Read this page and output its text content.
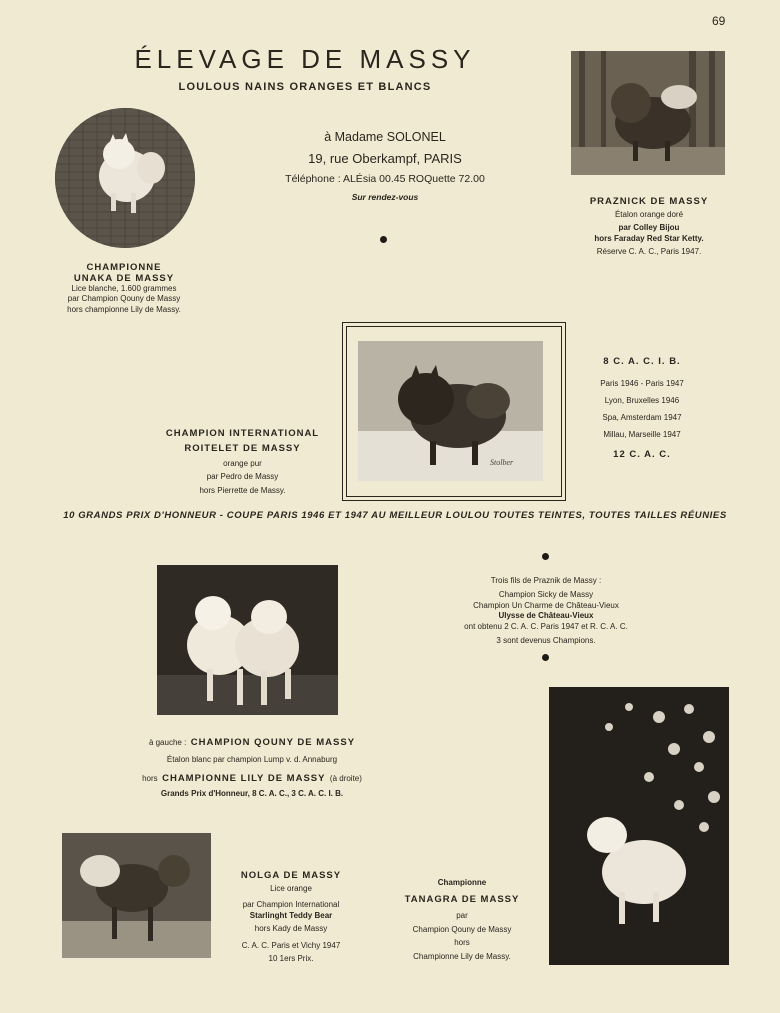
69
ÉLEVAGE DE MASSY
LOULOUS NAINS ORANGES ET BLANCS
à Madame SOLONEL
19, rue Oberkampf, PARIS
Téléphone : ALÉsia 00.45 ROQuette 72.00
Sur rendez-vous
CHAMPIONNE
UNAKA DE MASSY
Lice blanche, 1.600 grammes
par Champion Qouny de Massy
hors championne Lily de Massy.
PRAZNICK DE MASSY
Étalon orange doré
par Colley Bijou
hors Faraday Red Star Ketty.
Réserve C. A. C., Paris 1947.
Stolber
CHAMPION INTERNATIONAL
ROITELET DE MASSY
orange pur
par Pedro de Massy
hors Pierrette de Massy.
8 C. A. C. I. B.
Paris 1946 - Paris 1947
Lyon, Bruxelles 1946
Spa, Amsterdam 1947
Millau, Marseille 1947
12 C. A. C.
10 GRANDS PRIX D'HONNEUR - COUPE PARIS 1946 ET 1947 AU MEILLEUR LOULOU TOUTES TEINTES, TOUTES TAILLES RÉUNIES
Trois fils de Praznik de Massy :
Champion Sicky de Massy
Champion Un Charme de Château-Vieux
Ulysse de Château-Vieux
ont obtenu 2 C. A. C. Paris 1947 et R. C. A. C.
3 sont devenus Champions.
à gauche : CHAMPION QOUNY DE MASSY
Étalon blanc par champion Lump v. d. Annaburg
hors CHAMPIONNE LILY DE MASSY (à droite)
Grands Prix d'Honneur, 8 C. A. C., 3 C. A. C. I. B.
NOLGA DE MASSY
Lice orange
par Champion International
Starlinght Teddy Bear
hors Kady de Massy
C. A. C. Paris et Vichy 1947
10 1ers Prix.
Championne
TANAGRA DE MASSY
par
Champion Qouny de Massy
hors
Championne Lily de Massy.
